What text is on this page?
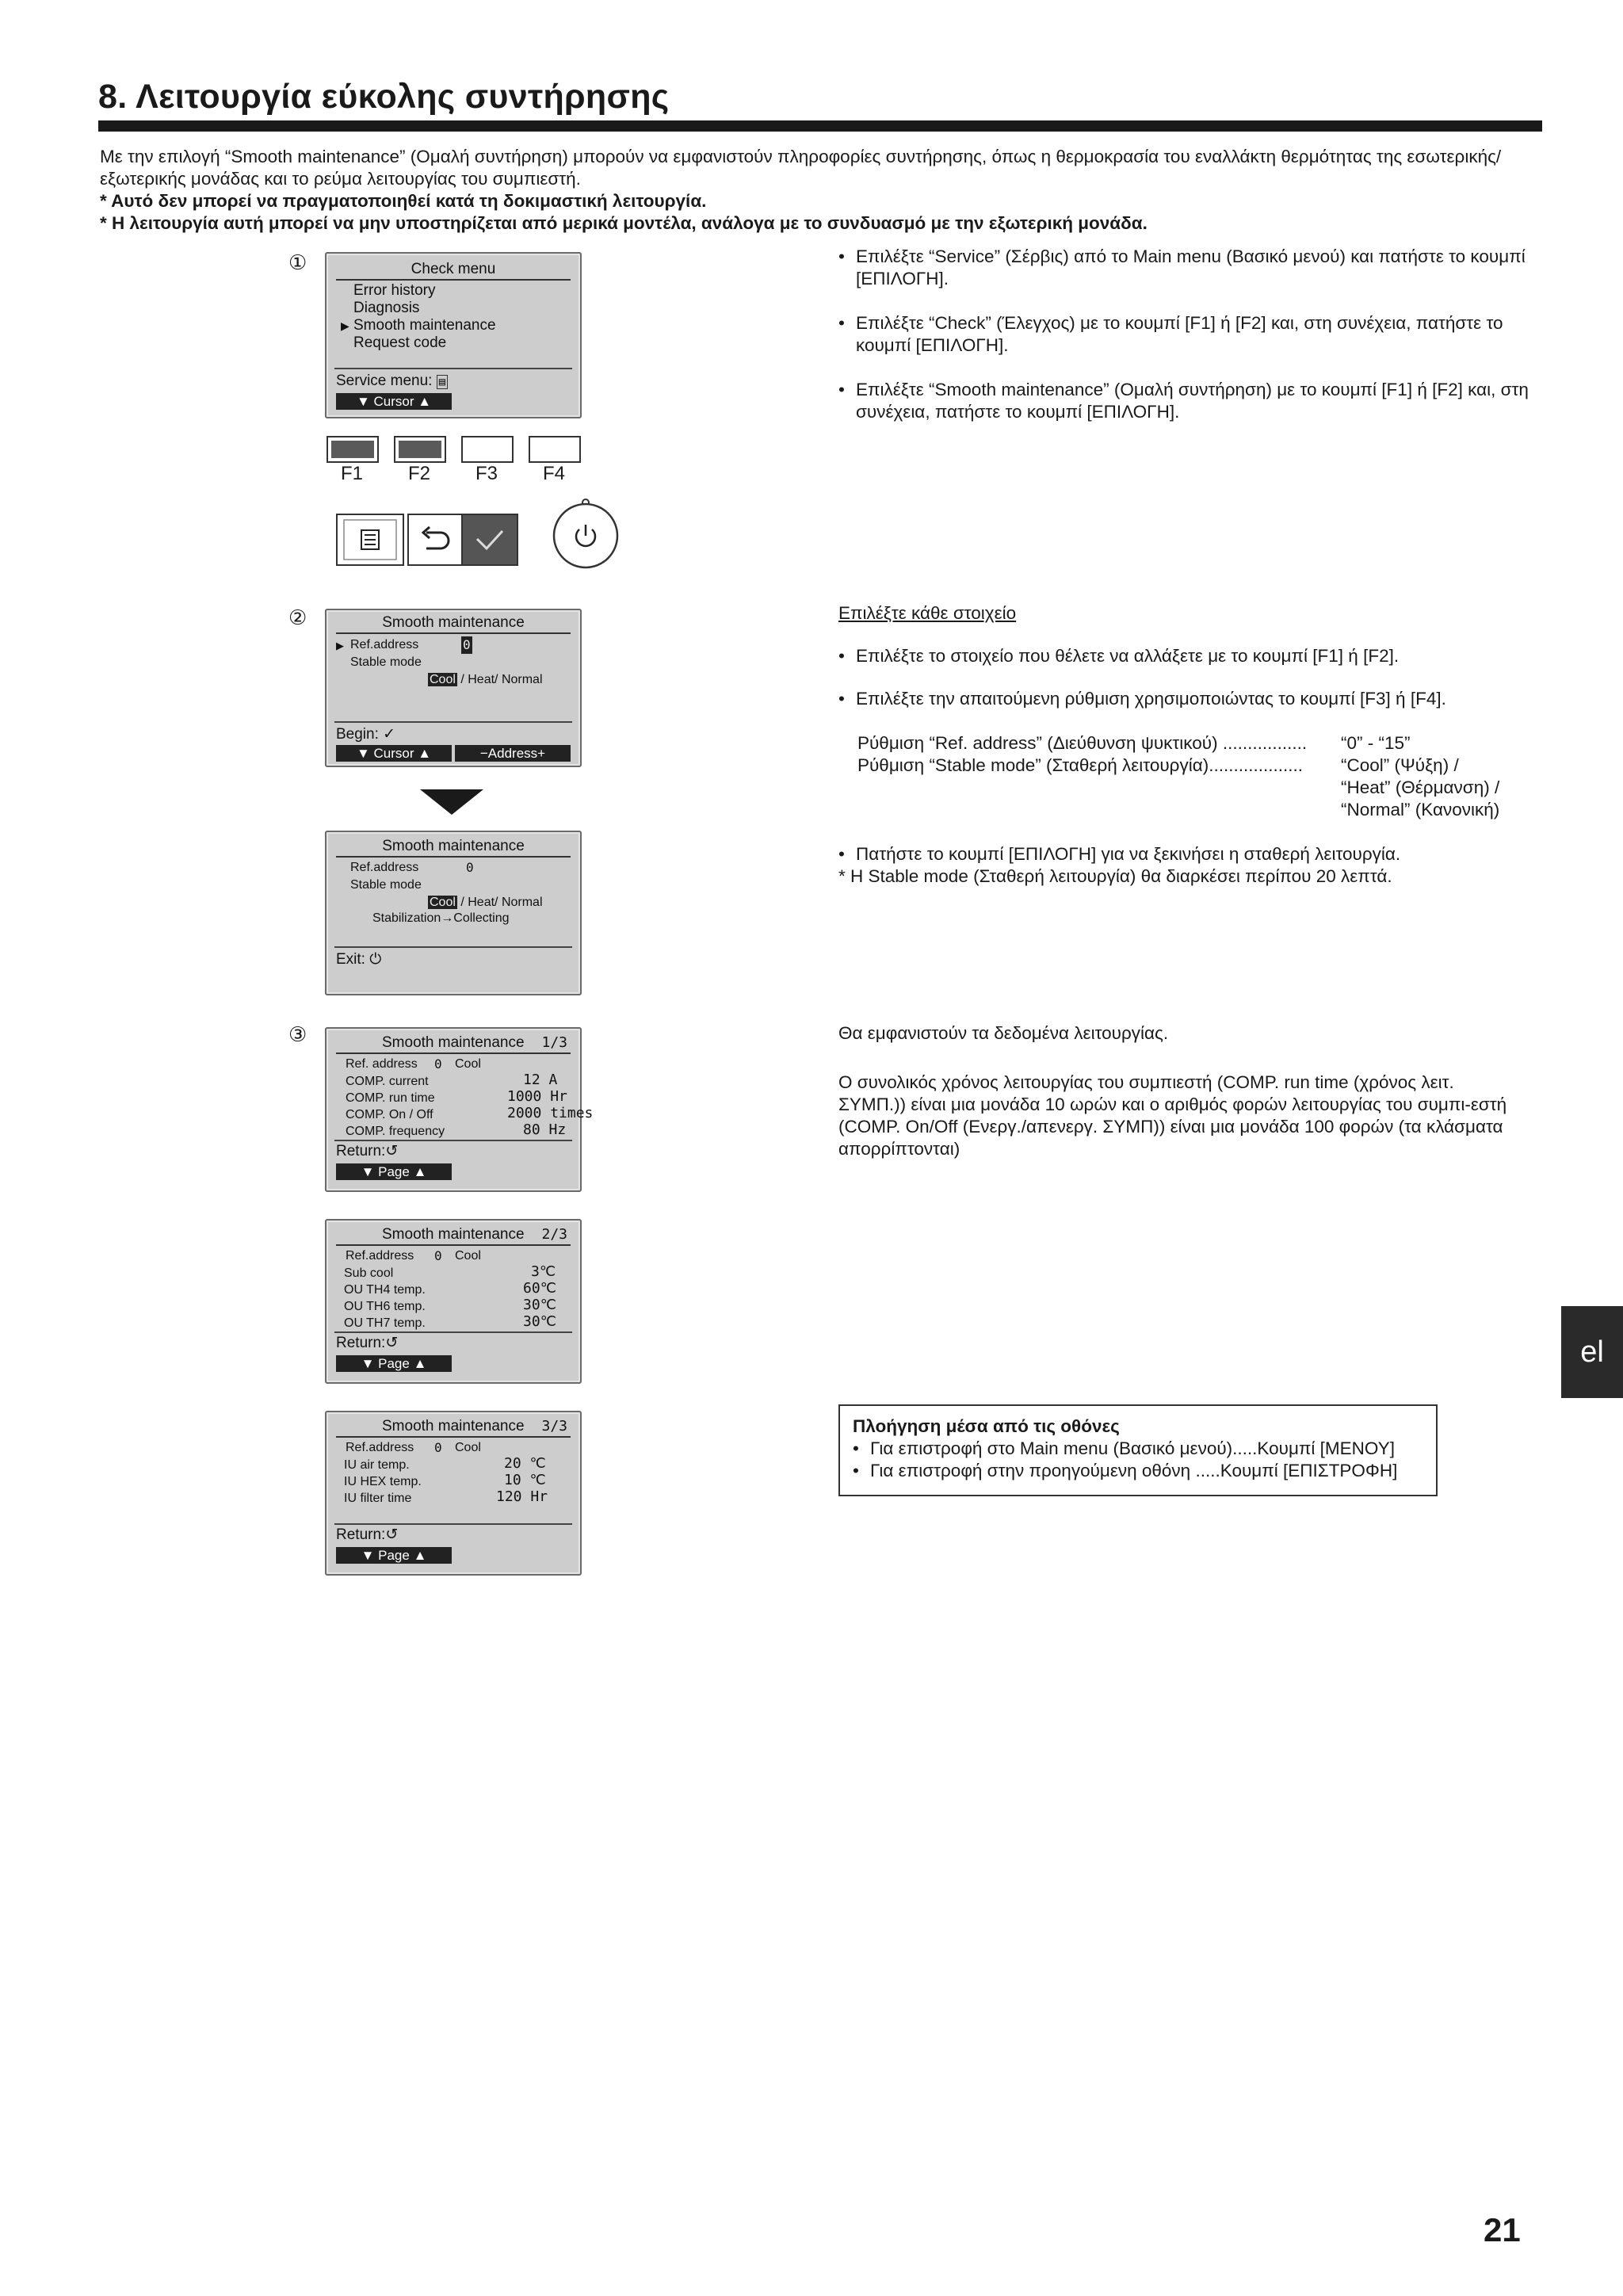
8. Λειτουργία εύκολης συντήρησης

Με την επιλογή “Smooth maintenance” (Ομαλή συντήρηση) μπορούν να εμφανιστούν πληροφορίες συντήρησης, όπως η θερμοκρασία του εναλλάκτη θερμότητας της εσωτερικής/εξωτερικής μονάδας και το ρεύμα λειτουργίας του συμπιεστή.

* Αυτό δεν μπορεί να πραγματοποιηθεί κατά τη δοκιμαστική λειτουργία.

* Η λειτουργία αυτή μπορεί να μην υποστηρίζεται από μερικά μοντέλα, ανάλογα με το συνδυασμό με την εξωτερική μονάδα.

①
②
③
Check menu
Error history
Diagnosis
▶ Smooth maintenance
Request code
Service menu: ▤
▼ Cursor ▲
F1 F2 F3 F4
Smooth maintenance
▶ Ref.address	0
Stable mode
Cool / Heat/ Normal
Begin: ✓
▼ Cursor ▲	−Address+
Smooth maintenance
Ref.address	0
Stable mode
Cool / Heat/ Normal
Stabilization→Collecting
Exit: ⏻
Smooth maintenance 1/3
Ref. address 0 Cool
COMP. current	12 A
COMP. run time	1000 Hr
COMP. On / Off	2000 times
COMP. frequency	80 Hz
Return:↺
▼ Page ▲
Smooth maintenance 2/3
Ref.address 0 Cool
Sub cool	3℃
OU TH4 temp.	60℃
OU TH6 temp.	30℃
OU TH7 temp.	30℃
Return:↺
▼ Page ▲
Smooth maintenance 3/3
Ref.address 0 Cool
IU air temp.	20 ℃
IU HEX temp.	10 ℃
IU filter time	120 Hr
Return:↺
▼ Page ▲

• Επιλέξτε “Service” (Σέρβις) από το Main menu (Βασικό μενού) και πατήστε το κουμπί [ΕΠΙΛΟΓΗ].

• Επιλέξτε “Check” (Έλεγχος) με το κουμπί [F1] ή [F2] και, στη συνέχεια, πατήστε το κουμπί [ΕΠΙΛΟΓΗ].

• Επιλέξτε “Smooth maintenance” (Ομαλή συντήρηση) με το κουμπί [F1] ή [F2] και, στη συνέχεια, πατήστε το κουμπί [ΕΠΙΛΟΓΗ].

Επιλέξτε κάθε στοιχείο

• Επιλέξτε το στοιχείο που θέλετε να αλλάξετε με το κουμπί [F1] ή [F2].

• Επιλέξτε την απαιτούμενη ρύθμιση χρησιμοποιώντας το κουμπί [F3] ή [F4].

Ρύθμιση “Ref. address” (Διεύθυνση ψυκτικού) .................	“0” - “15”
Ρύθμιση “Stable mode” (Σταθερή λειτουργία)...................	“Cool” (Ψύξη) /
“Heat” (Θέρμανση) /
“Normal” (Κανονική)

• Πατήστε το κουμπί [ΕΠΙΛΟΓΗ] για να ξεκινήσει η σταθερή λειτουργία.

* Η Stable mode (Σταθερή λειτουργία) θα διαρκέσει περίπου 20 λεπτά.

Θα εμφανιστούν τα δεδομένα λειτουργίας.

Ο συνολικός χρόνος λειτουργίας του συμπιεστή (COMP. run time (χρόνος λειτ. ΣΥΜΠ.)) είναι μια μονάδα 10 ωρών και ο αριθμός φορών λειτουργίας του συμπι-εστή (COMP. On/Off (Ενεργ./απενεργ. ΣΥΜΠ)) είναι μια μονάδα 100 φορών (τα κλάσματα απορρίπτονται)

Πλοήγηση μέσα από τις οθόνες
• Για επιστροφή στο Main menu (Βασικό μενού).....Κουμπί [ΜΕΝΟΥ]
• Για επιστροφή στην προηγούμενη οθόνη .....Κουμπί [ΕΠΙΣΤΡΟΦΗ]
el
21
